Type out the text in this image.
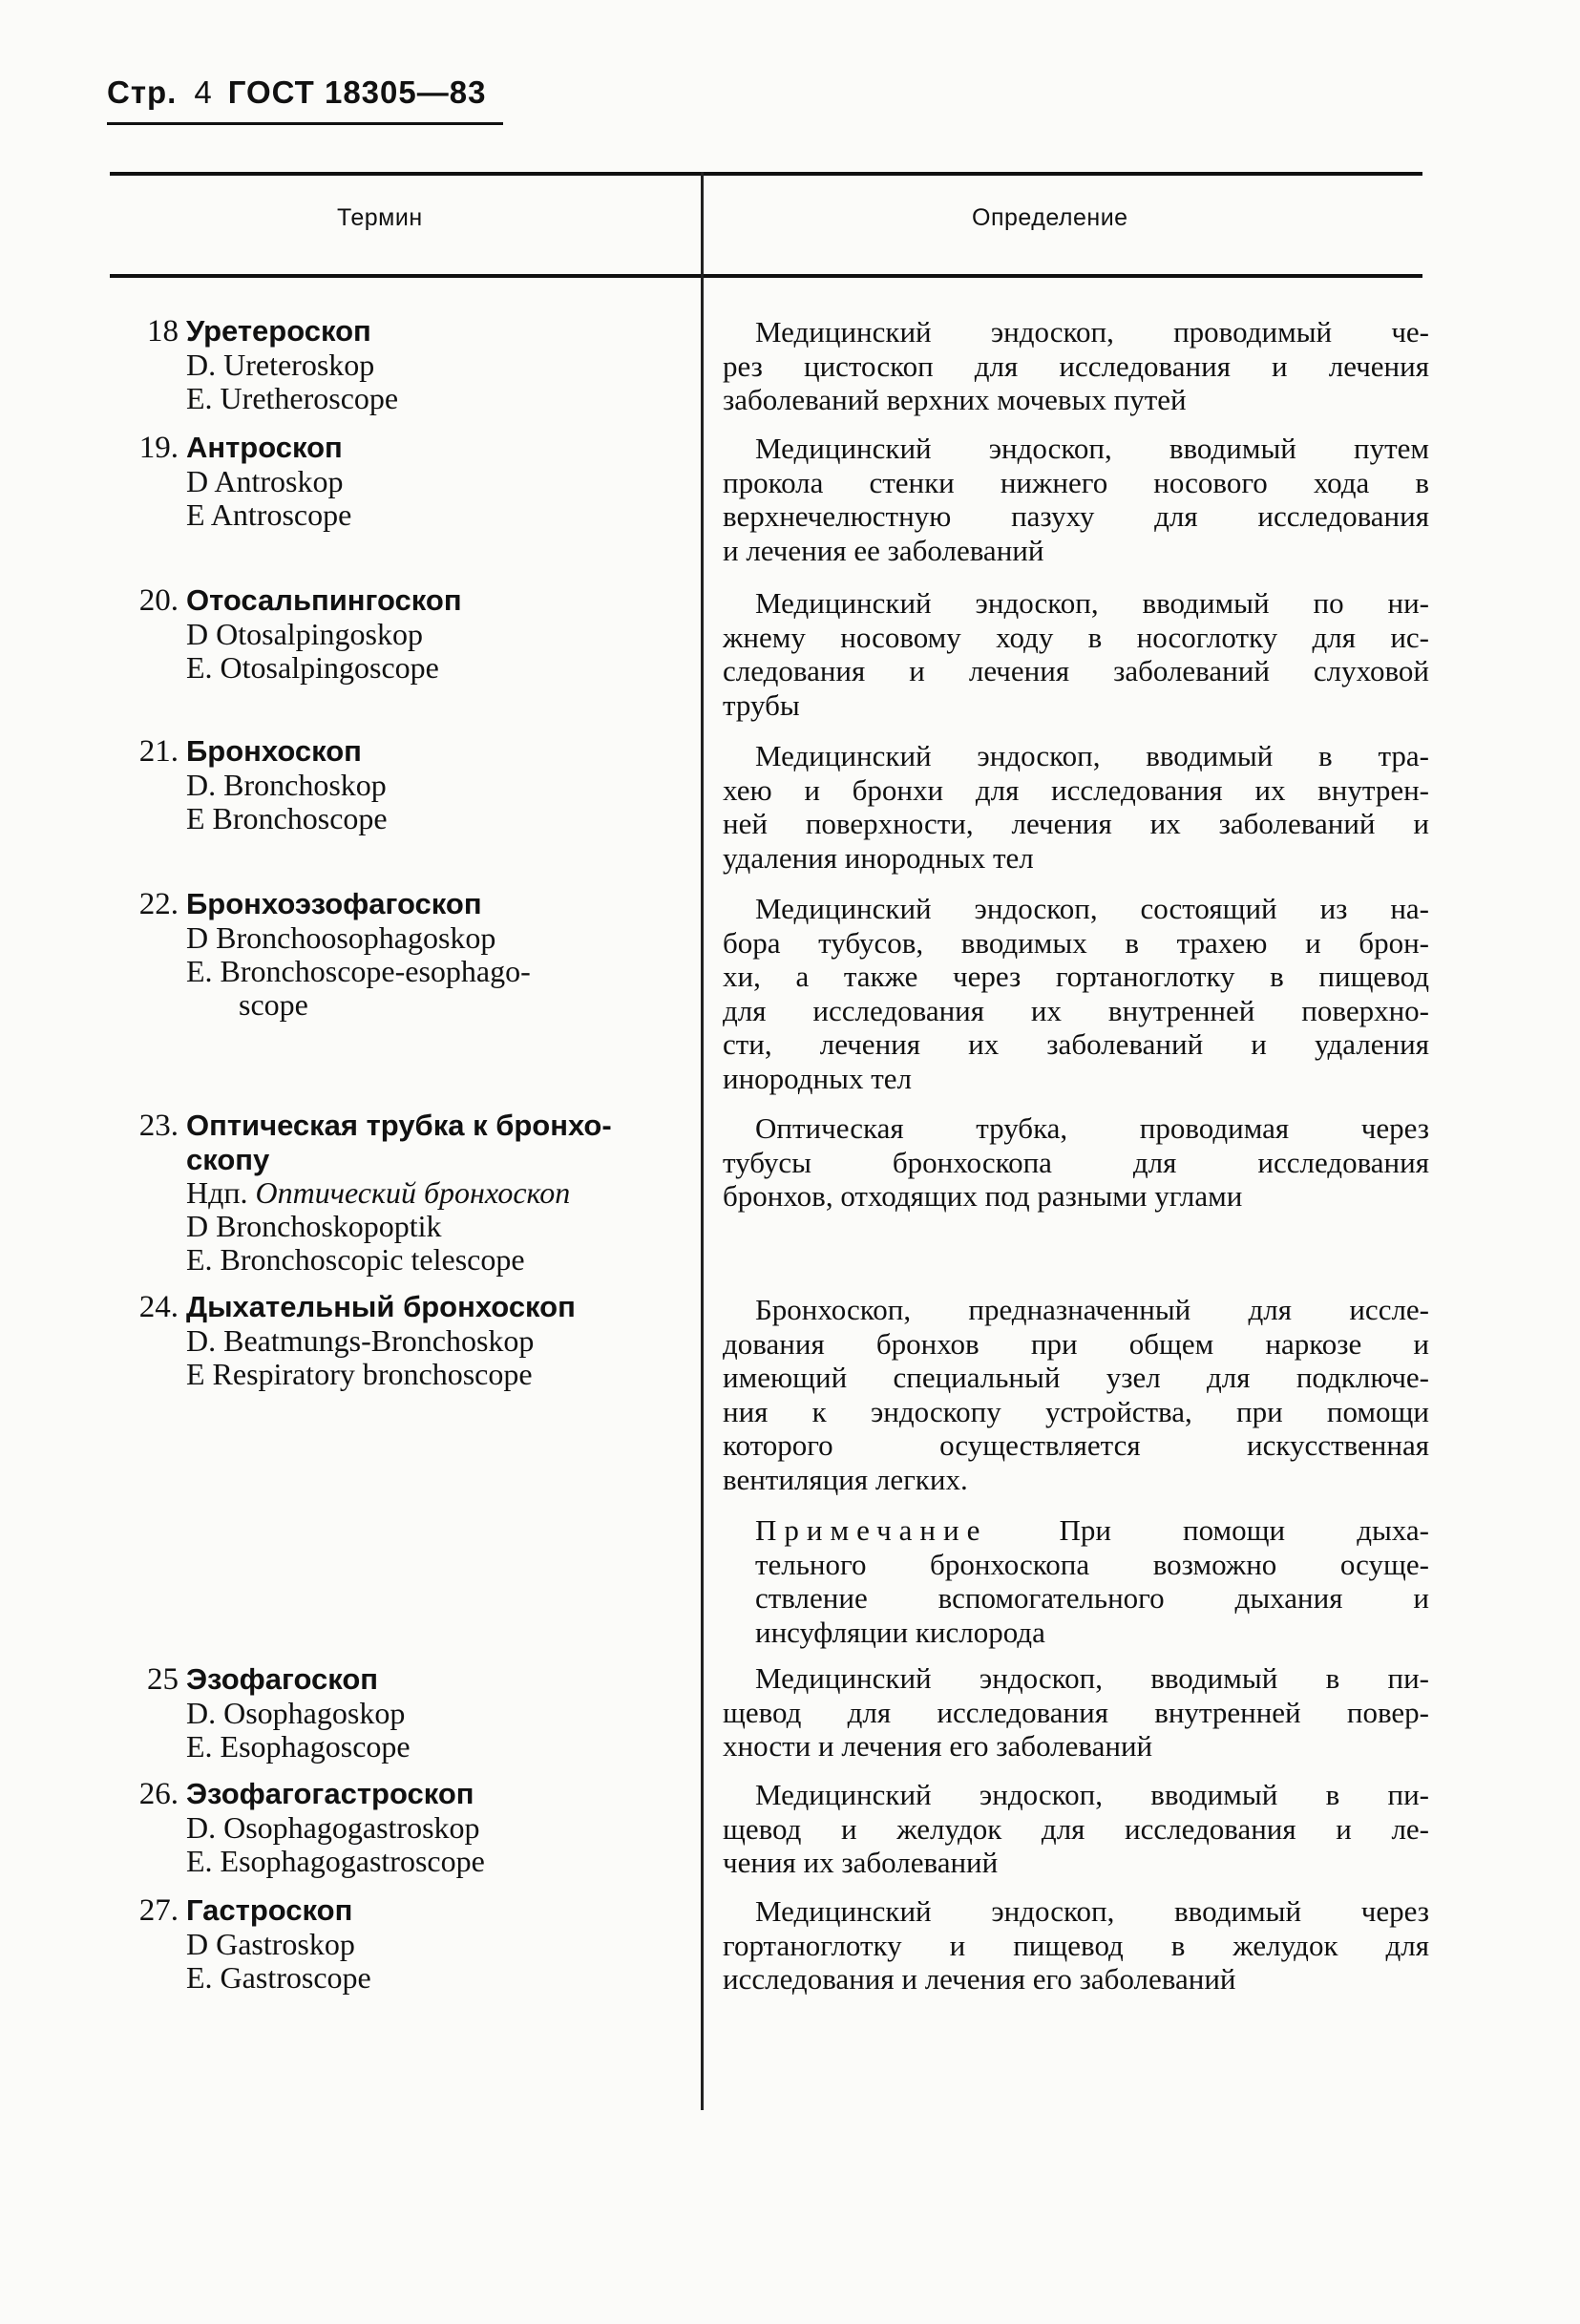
Стр. 4 ГОСТ 18305—83
Термин	Определение
18 Уретероскоп
D. Ureteroskop
E. Uretheroscope
Медицинский эндоскоп, проводимый че-
рез цистоскоп для исследования и лечения
заболеваний верхних мочевых путей
19. Антроскоп
D Antroskop
E Antroscope
Медицинский эндоскоп, вводимый путем
прокола стенки нижнего носового хода в
верхнечелюстную пазуху для исследования
и лечения ее заболеваний
20. Отосальпингоскоп
D Otosalpingoskop
E. Otosalpingoscope
Медицинский эндоскоп, вводимый по ни-
жнему носовому ходу в носоглотку для ис-
следования и лечения заболеваний слуховой
трубы
21. Бронхоскоп
D. Bronchoskop
E Bronchoscope
Медицинский эндоскоп, вводимый в тра-
хею и бронхи для исследования их внутрен-
ней поверхности, лечения их заболеваний и
удаления инородных тел
22. Бронхоэзофагоскоп
D Bronchoosophagoskop
E. Bronchoscope-esophago-
scope
Медицинский эндоскоп, состоящий из на-
бора тубусов, вводимых в трахею и брон-
хи, а также через гортаноглотку в пищевод
для исследования их внутренней поверхно-
сти, лечения их заболеваний и удаления
инородных тел
23. Оптическая трубка к бронхо-
скопу
Ндп. Оптический бронхоскоп
D Bronchoskopoptik
E. Bronchoscopic telescope
Оптическая трубка, проводимая через
тубусы бронхоскопа для исследования
бронхов, отходящих под разными углами
24. Дыхательный бронхоскоп
D. Beatmungs-Bronchoskop
E Respiratory bronchoscope
Бронхоскоп, предназначенный для иссле-
дования бронхов при общем наркозе и
имеющий специальный узел для подключе-
ния к эндоскопу устройства, при помощи
которого осуществляется искусственная
вентиляция легких.
Примечание При помощи дыха-
тельного бронхоскопа возможно осуще-
ствление вспомогательного дыхания и
инсуфляции кислорода
25 Эзофагоскоп
D. Osophagoskop
E. Esophagoscope
Медицинский эндоскоп, вводимый в пи-
щевод для исследования внутренней повер-
хности и лечения его заболеваний
26. Эзофагогастроскоп
D. Osophagogastroskop
E. Esophagogastroscope
Медицинский эндоскоп, вводимый в пи-
щевод и желудок для исследования и ле-
чения их заболеваний
27. Гастроскоп
D Gastroskop
E. Gastroscope
Медицинский эндоскоп, вводимый через
гортаноглотку и пищевод в желудок для
исследования и лечения его заболеваний
